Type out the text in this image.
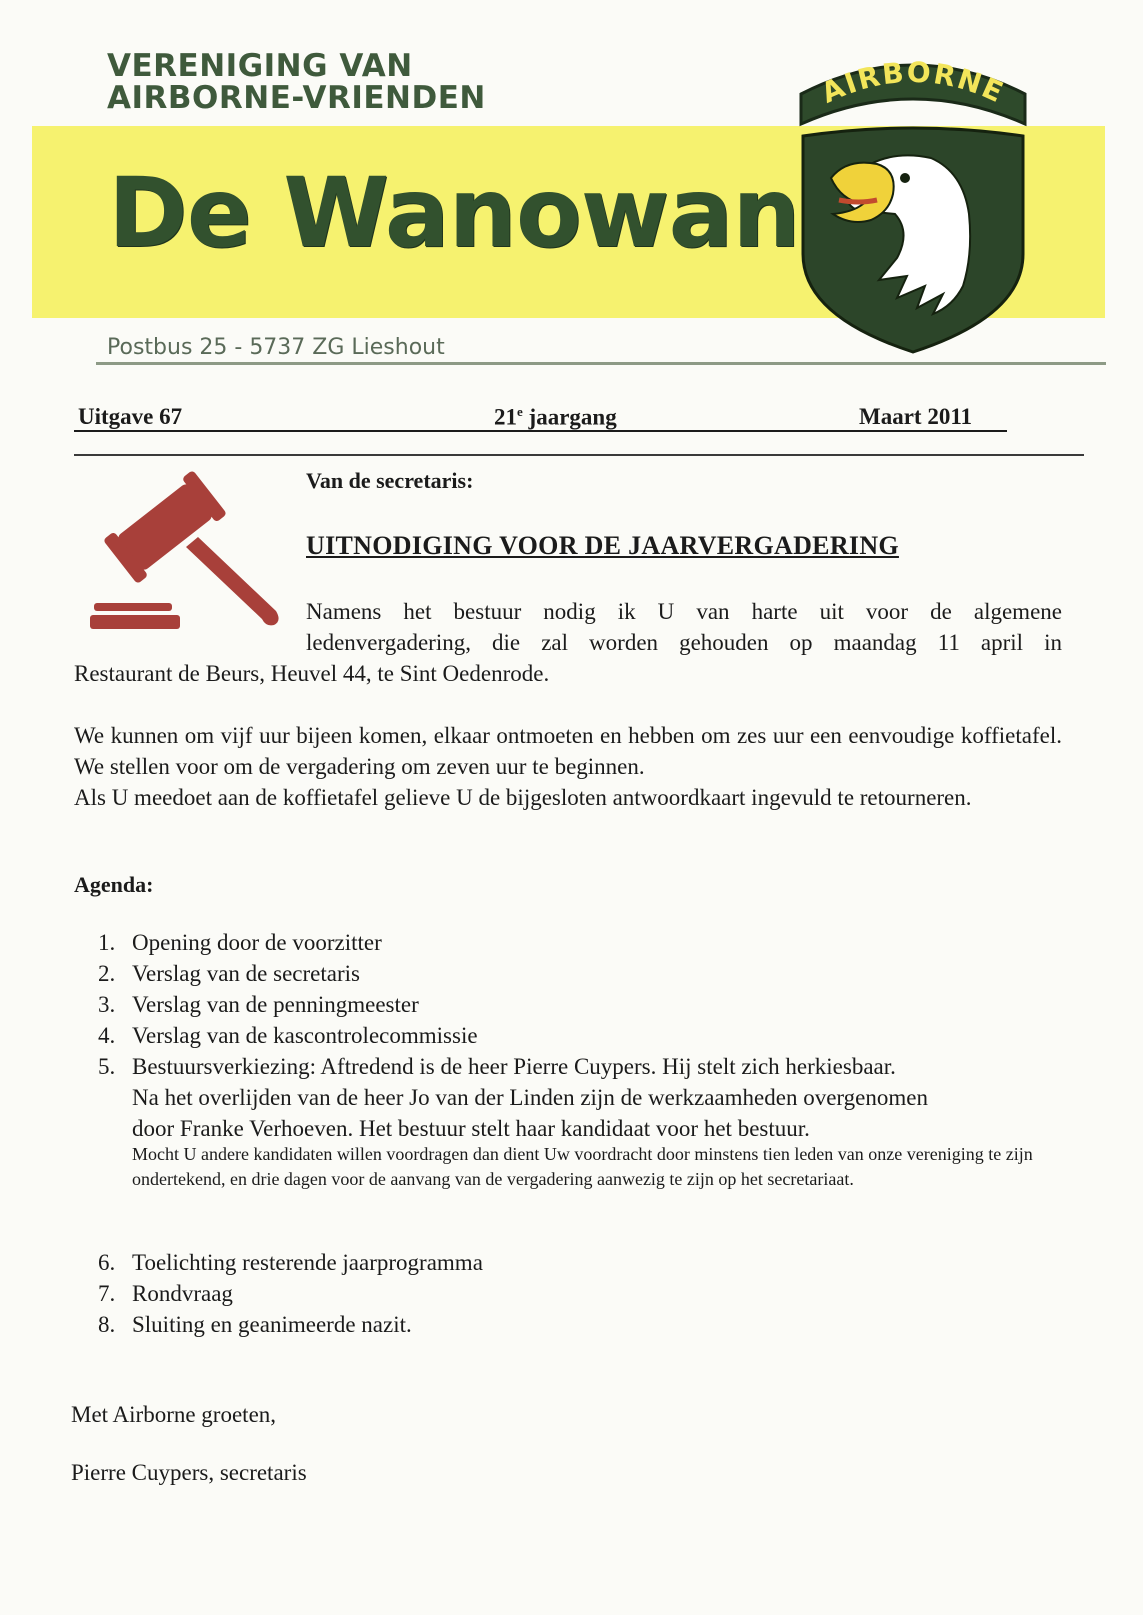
VERENIGING VAN
AIRBORNE-VRIENDEN
De Wanowan
Postbus 25 - 5737 ZG Lieshout
AIRBORNE
Uitgave 67	21e jaargang	Maart 2011
Van de secretaris:
UITNODIGING VOOR DE JAARVERGADERING
Namens het bestuur nodig ik U van harte uit voor de algemene
ledenvergadering, die zal worden gehouden op maandag 11 april in
Restaurant de Beurs, Heuvel 44, te Sint Oedenrode.
We kunnen om vijf uur bijeen komen, elkaar ontmoeten en hebben om zes uur een eenvoudige koffietafel. We stellen voor om de vergadering om zeven uur te beginnen.
Als U meedoet aan de koffietafel gelieve U de bijgesloten antwoordkaart ingevuld te retourneren.
Agenda:
1. Opening door de voorzitter
2. Verslag van de secretaris
3. Verslag van de penningmeester
4. Verslag van de kascontrolecommissie
5. Bestuursverkiezing: Aftredend is de heer Pierre Cuypers. Hij stelt zich herkiesbaar.
Na het overlijden van de heer Jo van der Linden zijn de werkzaamheden overgenomen
door Franke Verhoeven. Het bestuur stelt haar kandidaat voor het bestuur.
Mocht U andere kandidaten willen voordragen dan dient Uw voordracht door minstens tien leden van onze vereniging te zijn ondertekend, en drie dagen voor de aanvang van de vergadering aanwezig te zijn op het secretariaat.
6. Toelichting resterende jaarprogramma
7. Rondvraag
8. Sluiting en geanimeerde nazit.
Met Airborne groeten,
Pierre Cuypers, secretaris
